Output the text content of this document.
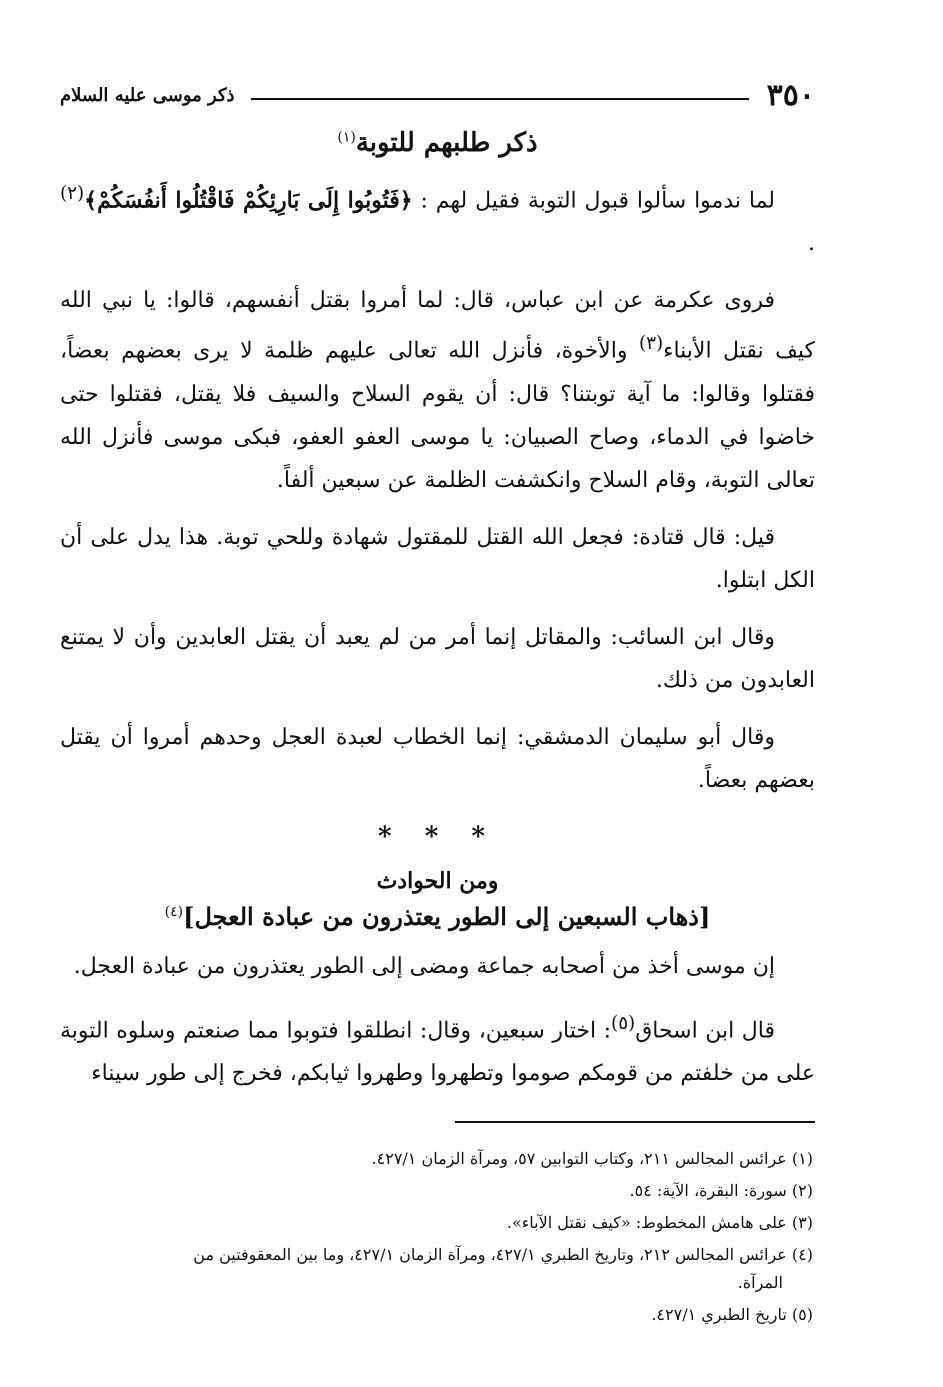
٣٥٠
ذكر موسى عليه السلام
ذكر طلبهم للتوبة$^{(١)}$

لما ندموا سألوا قبول التوبة فقيل لهم : ﴿فَتُوبُوا إِلَى بَارِئِكُمْ فَاقْتُلُوا أَنفُسَكُمْ﴾$^{(٢)}$ .

فروى عكرمة عن ابن عباس، قال: لما أمروا بقتل أنفسهم، قالوا: يا نبي الله كيف نقتل الأبناء$^{(٣)}$ والأخوة، فأنزل الله تعالى عليهم ظلمة لا يرى بعضهم بعضاً، فقتلوا وقالوا: ما آية توبتنا؟ قال: أن يقوم السلاح والسيف فلا يقتل، فقتلوا حتى خاضوا في الدماء، وصاح الصبيان: يا موسى العفو العفو، فبكى موسى فأنزل الله تعالى التوبة، وقام السلاح وانكشفت الظلمة عن سبعين ألفاً.

قيل: قال قتادة: فجعل الله القتل للمقتول شهادة وللحي توبة. هذا يدل على أن الكل ابتلوا.

وقال ابن السائب: والمقاتل إنما أمر من لم يعبد أن يقتل العابدين وأن لا يمتنع العابدون من ذلك.

وقال أبو سليمان الدمشقي: إنما الخطاب لعبدة العجل وحدهم أمروا أن يقتل بعضهم بعضاً.

* * *
ومن الحوادث
[ذهاب السبعين إلى الطور يعتذرون من عبادة العجل]$^{(٤)}$

إن موسى أخذ من أصحابه جماعة ومضى إلى الطور يعتذرون من عبادة العجل.

قال ابن اسحاق$^{(٥)}$: اختار سبعين، وقال: انطلقوا فتوبوا مما صنعتم وسلوه التوبة على من خلفتم من قومكم صوموا وتطهروا وطهروا ثيابكم، فخرج إلى طور سيناء

(١) عرائس المجالس ٢١١، وكتاب التوابين ٥٧، ومرآة الزمان ٤٢٧/١.

(٢) سورة: البقرة، الآية: ٥٤.

(٣) على هامش المخطوط: «كيف نقتل الآباء».

(٤) عرائس المجالس ٢١٢، وتاريخ الطبري ٤٢٧/١، ومرآة الزمان ٤٢٧/١، وما بين المعقوفتين من
المرآة.

(٥) تاريخ الطبري ٤٢٧/١.
